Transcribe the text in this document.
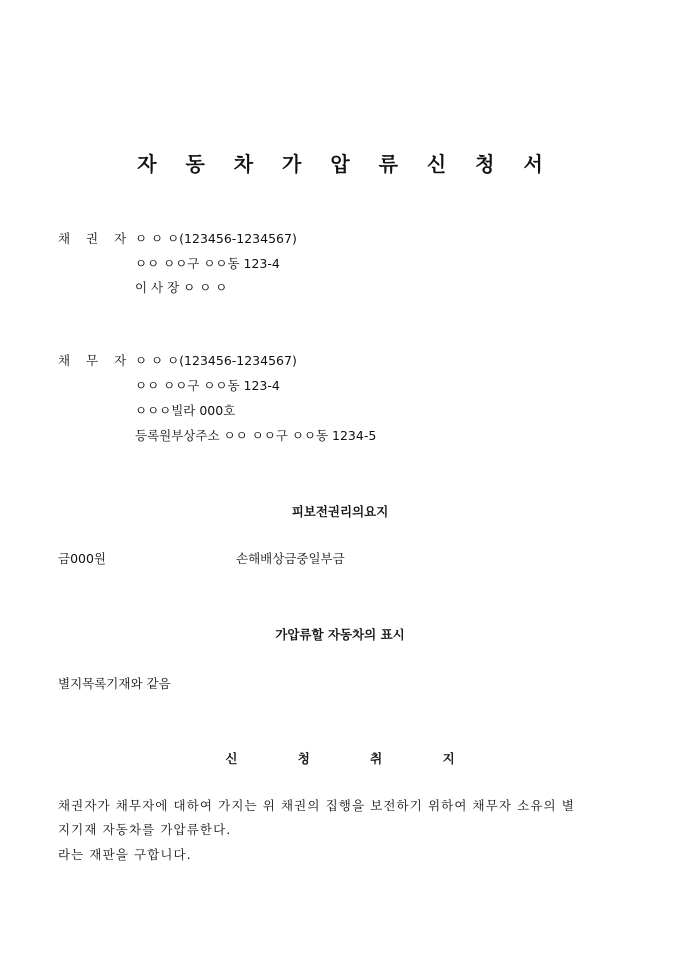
자 동 차 가 압 류 신 청 서
채 권 자 ㅇ ㅇ ㅇ(123456-1234567)
ㅇㅇ ㅇㅇ구 ㅇㅇ동 123-4
이 사 장 ㅇ ㅇ ㅇ
채 무 자 ㅇ ㅇ ㅇ(123456-1234567)
ㅇㅇ ㅇㅇ구 ㅇㅇ동 123-4
ㅇㅇㅇ빌라 000호
등록원부상주소 ㅇㅇ ㅇㅇ구 ㅇㅇ동 1234-5
피보전권리의요지
금000원	손해배상금중일부금
가압류할 자동차의 표시
별지목록기재와 같음
신 청 취 지
채권자가 채무자에 대하여 가지는 위 채권의 집행을 보전하기 위하여 채무자 소유의 별
지기재 자동차를 가압류한다.
라는 재판을 구합니다.
